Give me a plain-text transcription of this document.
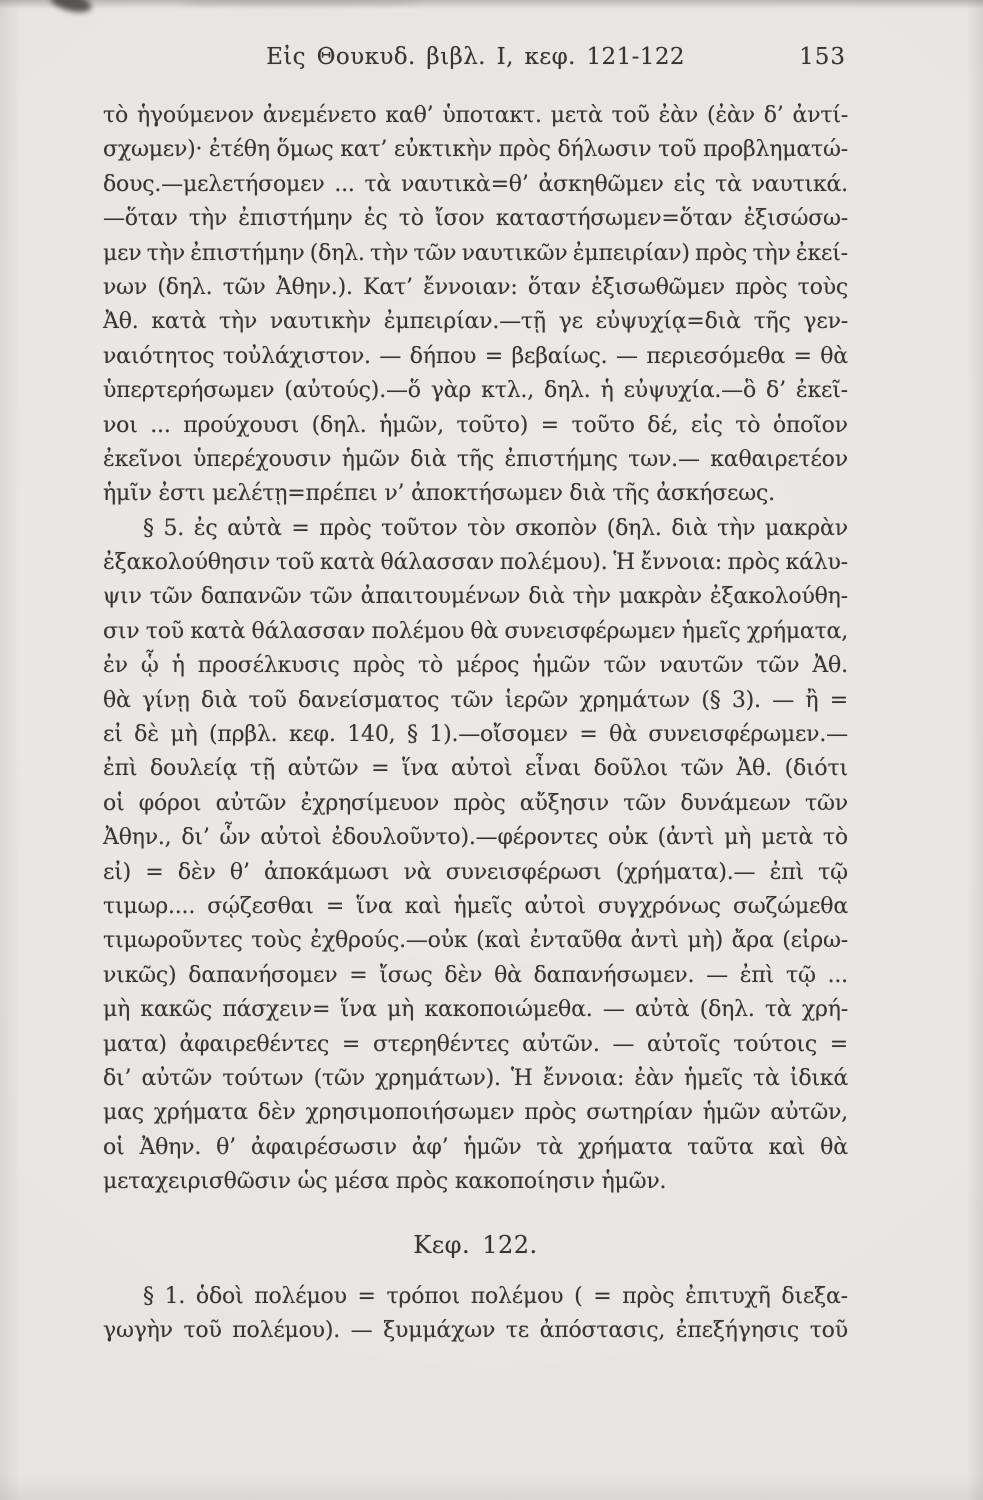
Εἰς Θουκυδ. βιβλ. Ι, κεφ. 121-122	153
τὸ ἡγούμενον ἀνεμένετο καθ’ ὑποτακτ. μετὰ τοῦ ἐὰν (ἐὰν δ’ ἀντί-
σχωμεν)· ἐτέθη ὅμως κατ’ εὐκτικὴν πρὸς δήλωσιν τοῦ προβληματώ-
δους.—μελετήσομεν ... τὰ ναυτικὰ=θ’ ἀσκηθῶμεν εἰς τὰ ναυτικά.
—ὅταν τὴν ἐπιστήμην ἐς τὸ ἴσον καταστήσωμεν=ὅταν ἐξισώσω-
μεν τὴν ἐπιστήμην (δηλ. τὴν τῶν ναυτικῶν ἐμπειρίαν) πρὸς τὴν ἐκεί-
νων (δηλ. τῶν Ἀθην.). Κατ’ ἔννοιαν: ὅταν ἐξισωθῶμεν πρὸς τοὺς
Ἀθ. κατὰ τὴν ναυτικὴν ἐμπειρίαν.—τῇ γε εὐψυχίᾳ=διὰ τῆς γεν-
ναιότητος τοὐλάχιστον. — δήπου = βεβαίως. — περιεσόμεθα = θὰ
ὑπερτερήσωμεν (αὐτούς).—ὅ γὰρ κτλ., δηλ. ἡ εὐψυχία.—ὃ δ’ ἐκεῖ-
νοι ... προύχουσι (δηλ. ἡμῶν, τοῦτο) = τοῦτο δέ, εἰς τὸ ὁποῖον
ἐκεῖνοι ὑπερέχουσιν ἡμῶν διὰ τῆς ἐπιστήμης των.— καθαιρετέον
ἡμῖν ἐστι μελέτῃ=πρέπει ν’ ἀποκτήσωμεν διὰ τῆς ἀσκήσεως.
§ 5. ἐς αὐτὰ = πρὸς τοῦτον τὸν σκοπὸν (δηλ. διὰ τὴν μακρὰν
ἐξακολούθησιν τοῦ κατὰ θάλασσαν πολέμου). Ἡ ἔννοια: πρὸς κάλυ-
ψιν τῶν δαπανῶν τῶν ἀπαιτουμένων διὰ τὴν μακρὰν ἐξακολούθη-
σιν τοῦ κατὰ θάλασσαν πολέμου θὰ συνεισφέρωμεν ἡμεῖς χρήματα,
ἐν ᾧ ἡ προσέλκυσις πρὸς τὸ μέρος ἡμῶν τῶν ναυτῶν τῶν Ἀθ.
θὰ γίνῃ διὰ τοῦ δανείσματος τῶν ἱερῶν χρημάτων (§ 3). — ἢ =
εἰ δὲ μὴ (πρβλ. κεφ. 140, § 1).—οἴσομεν = θὰ συνεισφέρωμεν.—
ἐπὶ δουλείᾳ τῇ αὑτῶν = ἵνα αὐτοὶ εἶναι δοῦλοι τῶν Ἀθ. (διότι
οἱ φόροι αὐτῶν ἐχρησίμευον πρὸς αὔξησιν τῶν δυνάμεων τῶν
Ἀθην., δι’ ὧν αὐτοὶ ἐδουλοῦντο).—φέροντες οὐκ (ἀντὶ μὴ μετὰ τὸ
εἰ) = δὲν θ’ ἀποκάμωσι νὰ συνεισφέρωσι (χρήματα).— ἐπὶ τῷ
τιμωρ.... σῴζεσθαι = ἵνα καὶ ἡμεῖς αὐτοὶ συγχρόνως σωζώμεθα
τιμωροῦντες τοὺς ἐχθρούς.—οὐκ (καὶ ἐνταῦθα ἀντὶ μὴ) ἄρα (εἰρω-
νικῶς) δαπανήσομεν = ἴσως δὲν θὰ δαπανήσωμεν. — ἐπὶ τῷ ...
μὴ κακῶς πάσχειν= ἵνα μὴ κακοποιώμεθα. — αὐτὰ (δηλ. τὰ χρή-
ματα) ἀφαιρεθέντες = στερηθέντες αὐτῶν. — αὐτοῖς τούτοις =
δι’ αὐτῶν τούτων (τῶν χρημάτων). Ἡ ἔννοια: ἐὰν ἡμεῖς τὰ ἰδικά
μας χρήματα δὲν χρησιμοποιήσωμεν πρὸς σωτηρίαν ἡμῶν αὐτῶν,
οἱ Ἀθην. θ’ ἀφαιρέσωσιν ἀφ’ ἡμῶν τὰ χρήματα ταῦτα καὶ θὰ
μεταχειρισθῶσιν ὡς μέσα πρὸς κακοποίησιν ἡμῶν.
Κεφ. 122.
§ 1. ὁδοὶ πολέμου = τρόποι πολέμου ( = πρὸς ἐπιτυχῆ διεξα-
γωγὴν τοῦ πολέμου). — ξυμμάχων τε ἀπόστασις, ἐπεξήγησις τοῦ
